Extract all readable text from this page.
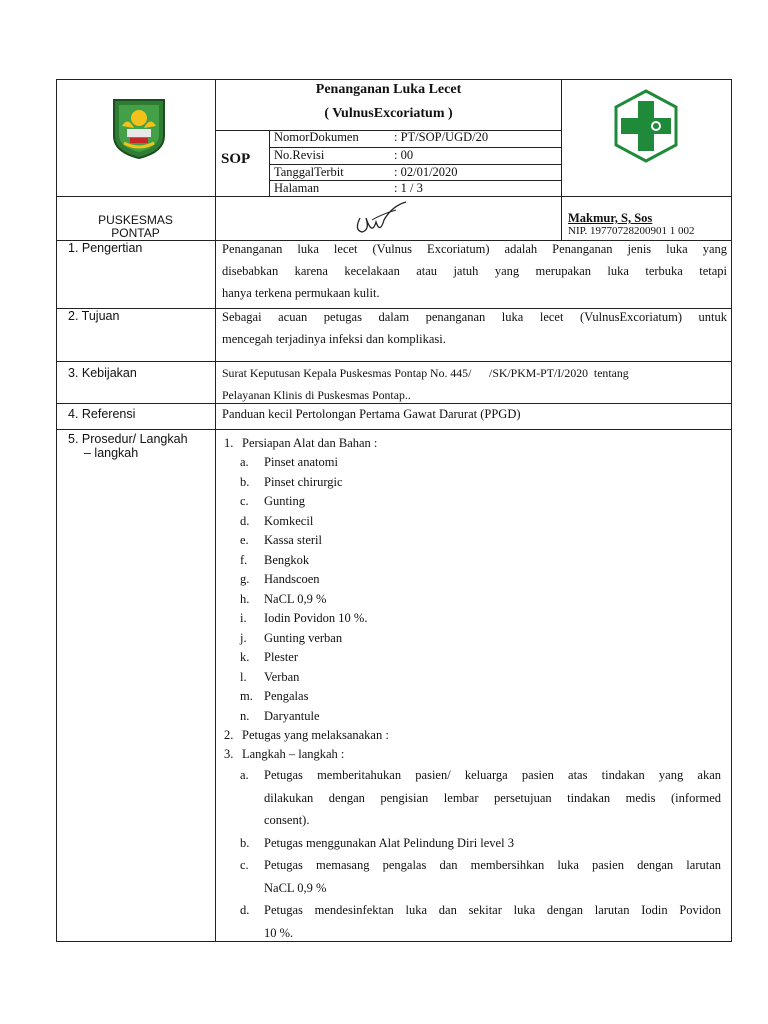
Penanganan Luka Lecet
( VulnusExcoriatum )
SOP
NomorDokumen	: PT/SOP/UGD/20
No.Revisi	: 00
TanggalTerbit	: 02/01/2020
Halaman	: 1 / 3
PUSKESMAS
PONTAP
Makmur, S, Sos
NIP. 19770728200901 1 002
1. Pengertian	Penanganan luka lecet (Vulnus Excoriatum) adalah Penanganan jenis luka yang
disebabkan karena kecelakaan atau jatuh yang merupakan luka terbuka tetapi
hanya terkena permukaan kulit.
2. Tujuan	Sebagai acuan petugas dalam penanganan luka lecet (VulnusExcoriatum) untuk
mencegah terjadinya infeksi dan komplikasi.
3. Kebijakan	Surat Keputusan Kepala Puskesmas Pontap No. 445/      /SK/PKM-PT/I/2020  tentang
Pelayanan Klinis di Puskesmas Pontap..
4. Referensi	Panduan kecil Pertolongan Pertama Gawat Darurat (PPGD)
5. Prosedur/ Langkah
– langkah
1. Persiapan Alat dan Bahan :
a. Pinset anatomi
b. Pinset chirurgic
c. Gunting
d. Komkecil
e. Kassa steril
f. Bengkok
g. Handscoen
h. NaCL 0,9 %
i. Iodin Povidon 10 %.
j. Gunting verban
k. Plester
l. Verban
m. Pengalas
n. Daryantule
2. Petugas yang melaksanakan :
3. Langkah – langkah :
a. Petugas memberitahukan pasien/ keluarga pasien atas tindakan yang akan
dilakukan dengan pengisian lembar persetujuan tindakan medis (informed
consent).
b. Petugas menggunakan Alat Pelindung Diri level 3
c. Petugas memasang pengalas dan membersihkan luka pasien dengan larutan
NaCL 0,9 %
d. Petugas mendesinfektan luka dan sekitar luka dengan larutan Iodin Povidon
10 %.
